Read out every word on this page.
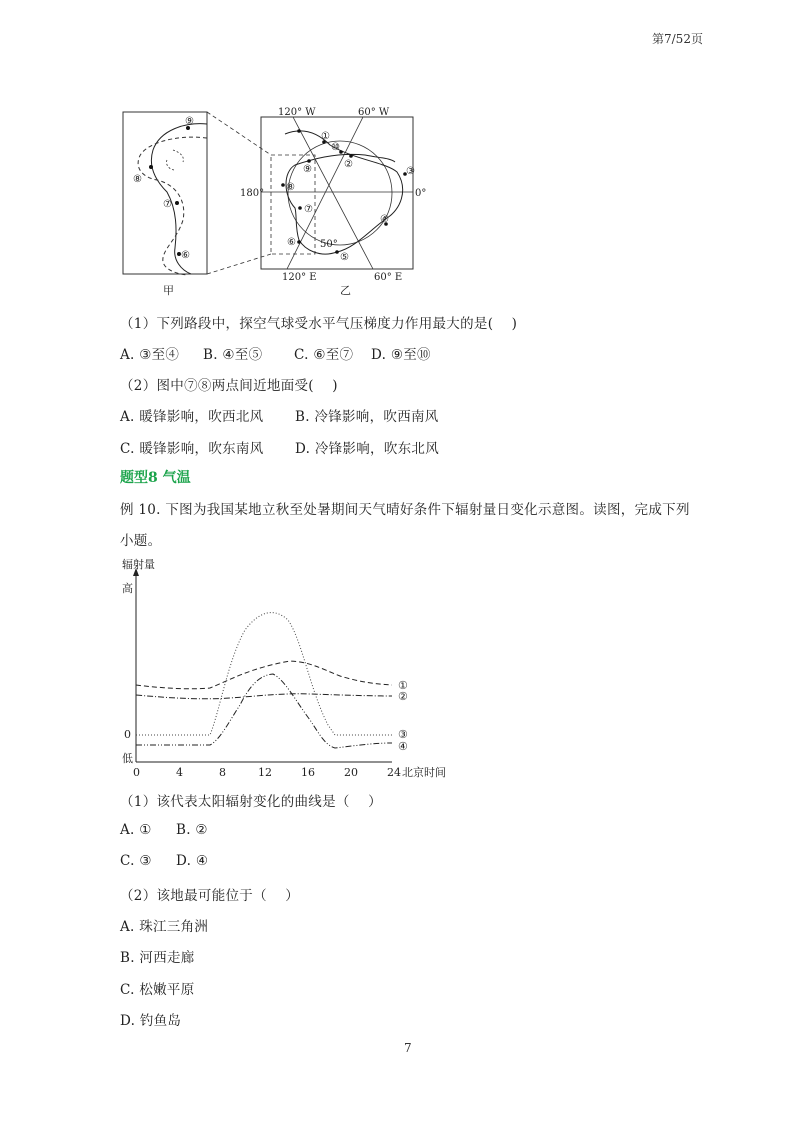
第7/52页
⑨
⑧
⑦
⑥
120° W	60° W
120° E	60° E
180°	0°
50°
①
⑩
②
③
④
⑤
⑥
⑦
⑧
⑨
甲	乙
（1）下列路段中，探空气球受水平气压梯度力作用最大的是(　 )
A. ③至④ B. ④至⑤ C. ⑥至⑦ D. ⑨至⑩
（2）图中⑦⑧两点间近地面受(　 )
A. 暖锋影响，吹西北风 B. 冷锋影响，吹西南风
C. 暖锋影响，吹东南风 D. 冷锋影响，吹东北风
题型8 气温
例 10. 下图为我国某地立秋至处暑期间天气晴好条件下辐射量日变化示意图。读图，完成下列
小题。
辐射量
高
0
低
0	4	8	12	16	20	24 北京时间
①
②
③
④
（1）该代表太阳辐射变化的曲线是（　 ）
A. ① B. ②
C. ③ D. ④
（2）该地最可能位于（　 ）
A. 珠江三角洲
B. 河西走廊
C. 松嫩平原
D. 钓鱼岛
7
